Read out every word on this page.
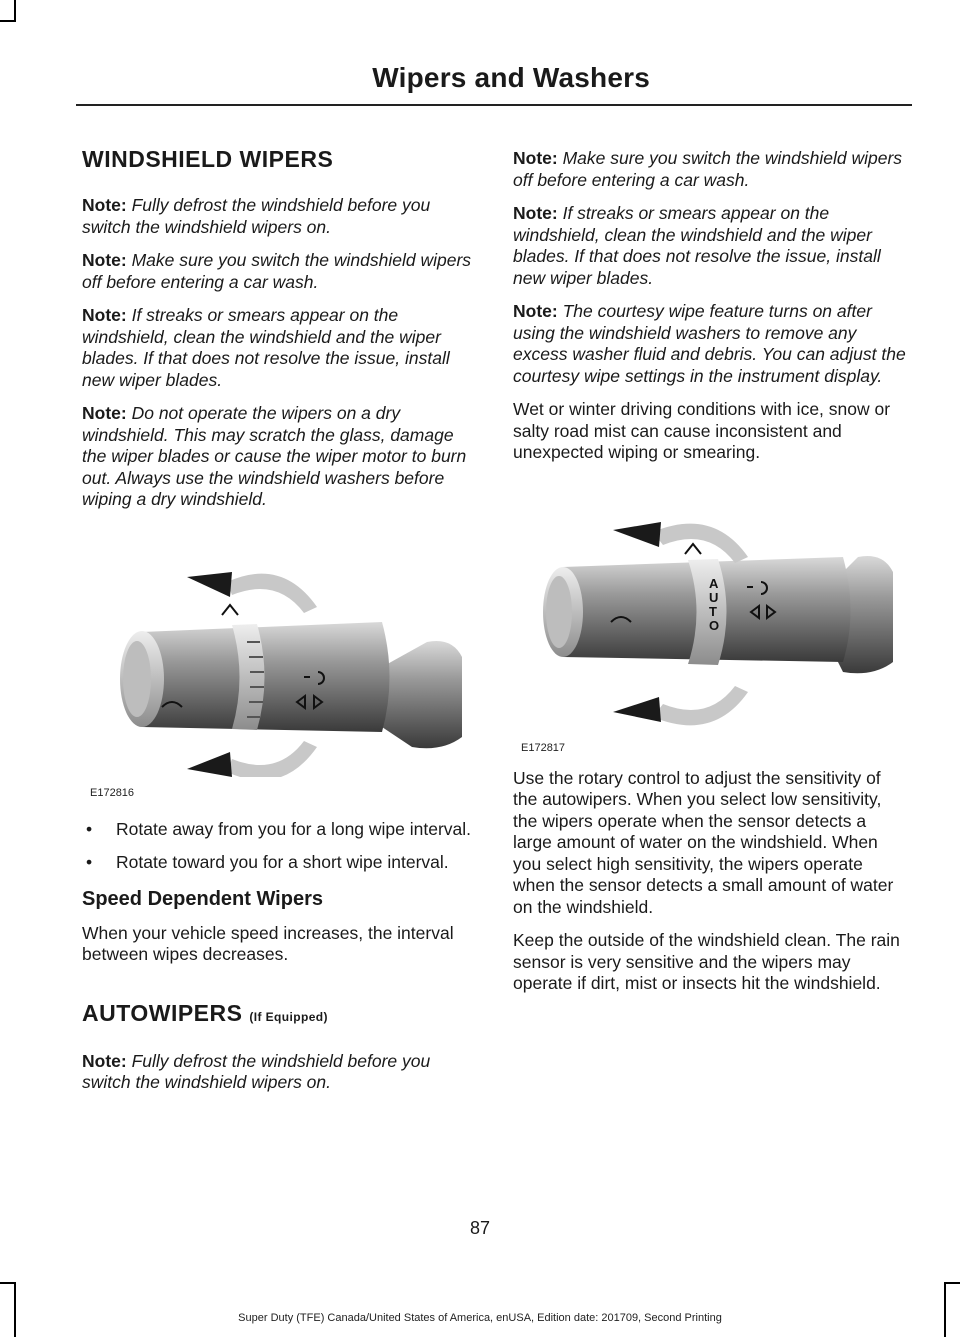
Wipers and Washers
WINDSHIELD WIPERS

Note: Fully defrost the windshield before you switch the windshield wipers on.

Note: Make sure you switch the windshield wipers off before entering a car wash.

Note: If streaks or smears appear on the windshield, clean the windshield and the wiper blades. If that does not resolve the issue, install new wiper blades.

Note: Do not operate the wipers on a dry windshield. This may scratch the glass, damage the wiper blades or cause the wiper motor to burn out. Always use the windshield washers before wiping a dry windshield.

E172816
• Rotate away from you for a long wipe interval.
• Rotate toward you for a short wipe interval.
Speed Dependent Wipers

When your vehicle speed increases, the interval between wipes decreases.

AUTOWIPERS (If Equipped)

Note: Fully defrost the windshield before you switch the windshield wipers on.

Note: Make sure you switch the windshield wipers off before entering a car wash.

Note: If streaks or smears appear on the windshield, clean the windshield and the wiper blades. If that does not resolve the issue, install new wiper blades.

Note: The courtesy wipe feature turns on after using the windshield washers to remove any excess washer fluid and debris. You can adjust the courtesy wipe settings in the instrument display.

Wet or winter driving conditions with ice, snow or salty road mist can cause inconsistent and unexpected wiping or smearing.

A
U
T
O
E172817

Use the rotary control to adjust the sensitivity of the autowipers. When you select low sensitivity, the wipers operate when the sensor detects a large amount of water on the windshield. When you select high sensitivity, the wipers operate when the sensor detects a small amount of water on the windshield.

Keep the outside of the windshield clean. The rain sensor is very sensitive and the wipers may operate if dirt, mist or insects hit the windshield.

87
Super Duty (TFE) Canada/United States of America, enUSA, Edition date: 201709, Second Printing
